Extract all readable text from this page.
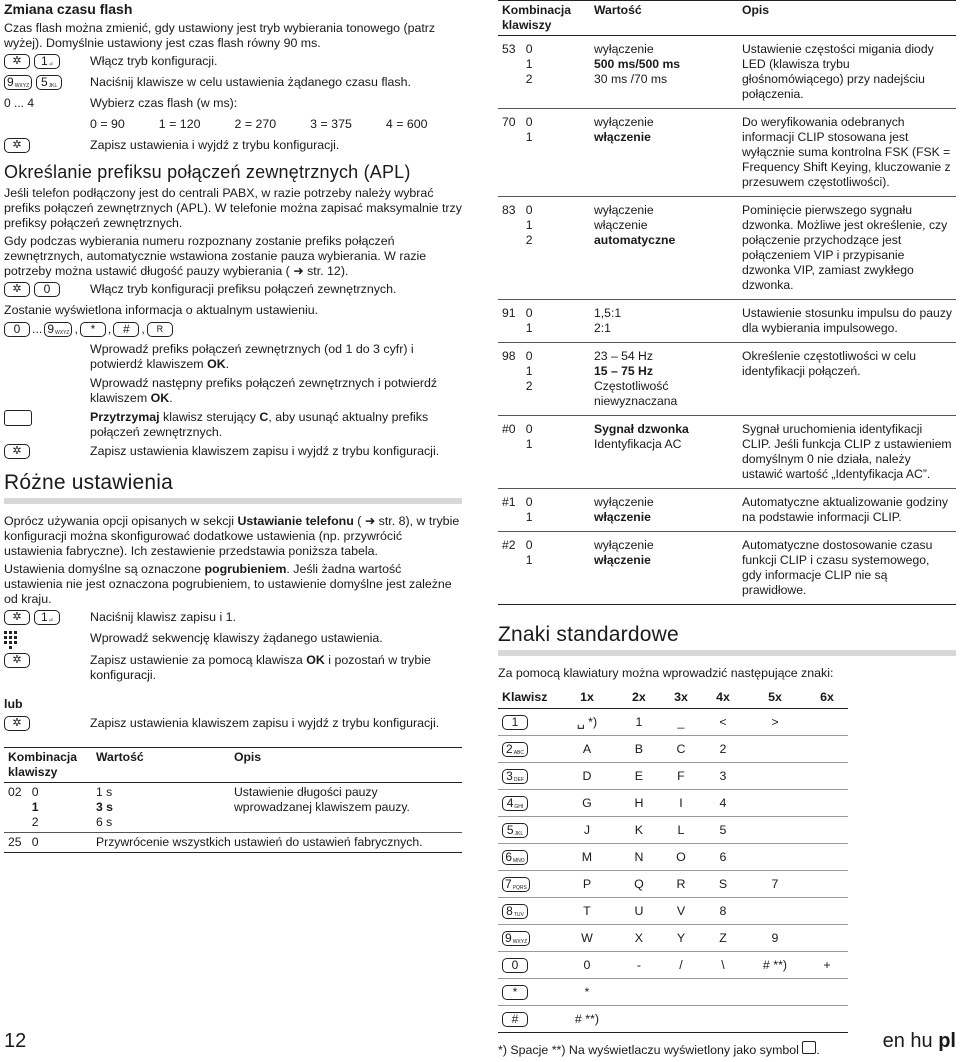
Zmiana czasu flash

Czas flash można zmienić, gdy ustawiony jest tryb wybierania tonowego (patrz wyżej). Domyślnie ustawiony jest czas flash równy 90 ms.

✲ 1 ⏎	Włącz tryb konfiguracji.
9 WXYZ 5 JKL	Naciśnij klawisze w celu ustawienia żądanego czasu flash.
0 ... 4	Wybierz czas flash (w ms):
0 = 90	1 = 120	2 = 270	3 = 375	4 = 600
✲	Zapisz ustawienia i wyjdź z trybu konfiguracji.
Określanie prefiksu połączeń zewnętrznych (APL)

Jeśli telefon podłączony jest do centrali PABX, w razie potrzeby należy wybrać prefiks połączeń zewnętrznych (APL). W telefonie można zapisać maksymalnie trzy prefiksy połączeń zewnętrznych.

Gdy podczas wybierania numeru rozpoznany zostanie prefiks połączeń zewnętrznych, automatycznie wstawiona zostanie pauza wybierania. W razie potrzeby można ustawić długość pauzy wybierania ( ➜ str. 12).

✲	0	Włącz tryb konfiguracji prefiksu połączeń zewnętrznych.

Zostanie wyświetlona informacja o aktualnym ustawieniu.

0 ... 9 WXYZ ,	*	, # ,	R
Wprowadź prefiks połączeń zewnętrznych (od 1 do 3 cyfr) i potwierdź klawiszem OK.
Wprowadź następny prefiks połączeń zewnętrznych i potwierdź klawiszem OK.
Przytrzymaj klawisz sterujący C, aby usunąć aktualny prefiks połączeń zewnętrznych.
✲	Zapisz ustawienia klawiszem zapisu i wyjdź z trybu konfiguracji.
Różne ustawienia

Oprócz używania opcji opisanych w sekcji Ustawianie telefonu ( ➜ str. 8), w trybie konfiguracji można skonfigurować dodatkowe ustawienia (np. przywrócić ustawienia fabryczne). Ich zestawienie przedstawia poniższa tabela.

Ustawienia domyślne są oznaczone pogrubieniem. Jeśli żadna wartość ustawienia nie jest oznaczona pogrubieniem, to ustawienie domyślne jest zależne od kraju.

✲ 1 ⏎	Naciśnij klawisz zapisu i 1.
Wprowadź sekwencję klawiszy żądanego ustawienia.
✲	Zapisz ustawienie za pomocą klawisza OK i pozostań w trybie konfiguracji.
lub
✲	Zapisz ustawienia klawiszem zapisu i wyjdź z trybu konfiguracji.
Kombinacja klawiszy	Wartość	Opis
02 0
1
2	1 s
3 s
6 s	Ustawienie długości pauzy wprowadzanej klawiszem pauzy.
25 0	Przywrócenie wszystkich ustawień do ustawień fabrycznych.	
Kombinacja klawiszy	Wartość	Opis
53 0
1
2	wyłączenie
500 ms/500 ms
30 ms /70 ms	Ustawienie częstości migania diody LED (klawisza trybu głośnomówiącego) przy nadejściu połączenia.
70 0
1	wyłączenie
włączenie	Do weryfikowania odebranych informacji CLIP stosowana jest wyłącznie suma kontrolna FSK (FSK = Frequency Shift Keying, kluczowanie z przesuwem częstotliwości).
83 0
1
2	wyłączenie
włączenie
automatyczne	Pominięcie pierwszego sygnału dzwonka. Możliwe jest określenie, czy połączenie przychodzące jest połączeniem VIP i przypisanie dzwonka VIP, zamiast zwykłego dzwonka.
91 0
1	1,5:1
2:1	Ustawienie stosunku impulsu do pauzy dla wybierania impulsowego.
98 0
1
2	23 – 54 Hz
15 – 75 Hz
Częstotliwość niewyznaczana	Określenie częstotliwości w celu identyfikacji połączeń.
#0 0
1	Sygnał dzwonka
Identyfikacja AC	Sygnał uruchomienia identyfikacji CLIP. Jeśli funkcja CLIP z ustawieniem domyślnym 0 nie działa, należy ustawić wartość „Identyfikacja AC”.
#1 0
1	wyłączenie
włączenie	Automatyczne aktualizowanie godziny na podstawie informacji CLIP.
#2 0
1	wyłączenie
włączenie	Automatyczne dostosowanie czasu funkcji CLIP i czasu systemowego, gdy informacje CLIP nie są prawidłowe.
Znaki standardowe

Za pomocą klawiatury można wprowadzić następujące znaki:

Klawisz	1x	2x	3x	4x	5x	6x

1	␣ *)	1	_	<	>	

2 ABC	A	B	C	2		

3 DEF	D	E	F	3		

4 GHI	G	H	I	4		

5 JKL	J	K	L	5		

6 MNO	M	N	O	6		

7 PQRS	P	Q	R	S	7	

8 TUV	T	U	V	8		

9 WXYZ	W	X	Y	Z	9	

0	0	-	/	\	# **)	+

*	*					

#	# **)					

*) Spacje **) Na wyświetlaczu wyświetlony jako symbol .

12	en hu pl
